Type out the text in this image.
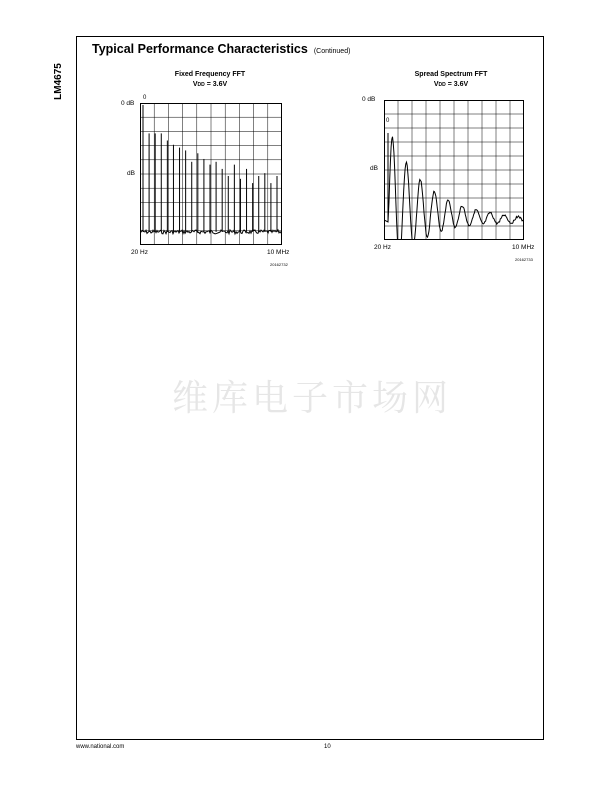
LM4675
Typical Performance Characteristics (Continued)
Fixed Frequency FFT
VDD = 3.6V
0 dB
dB
0
20 Hz	10 MHz
20162732
Spread Spectrum FFT
VDD = 3.6V
0 dB
dB
0
20 Hz	10 MHz
20162733
维库电子市场网
www.national.com	10
